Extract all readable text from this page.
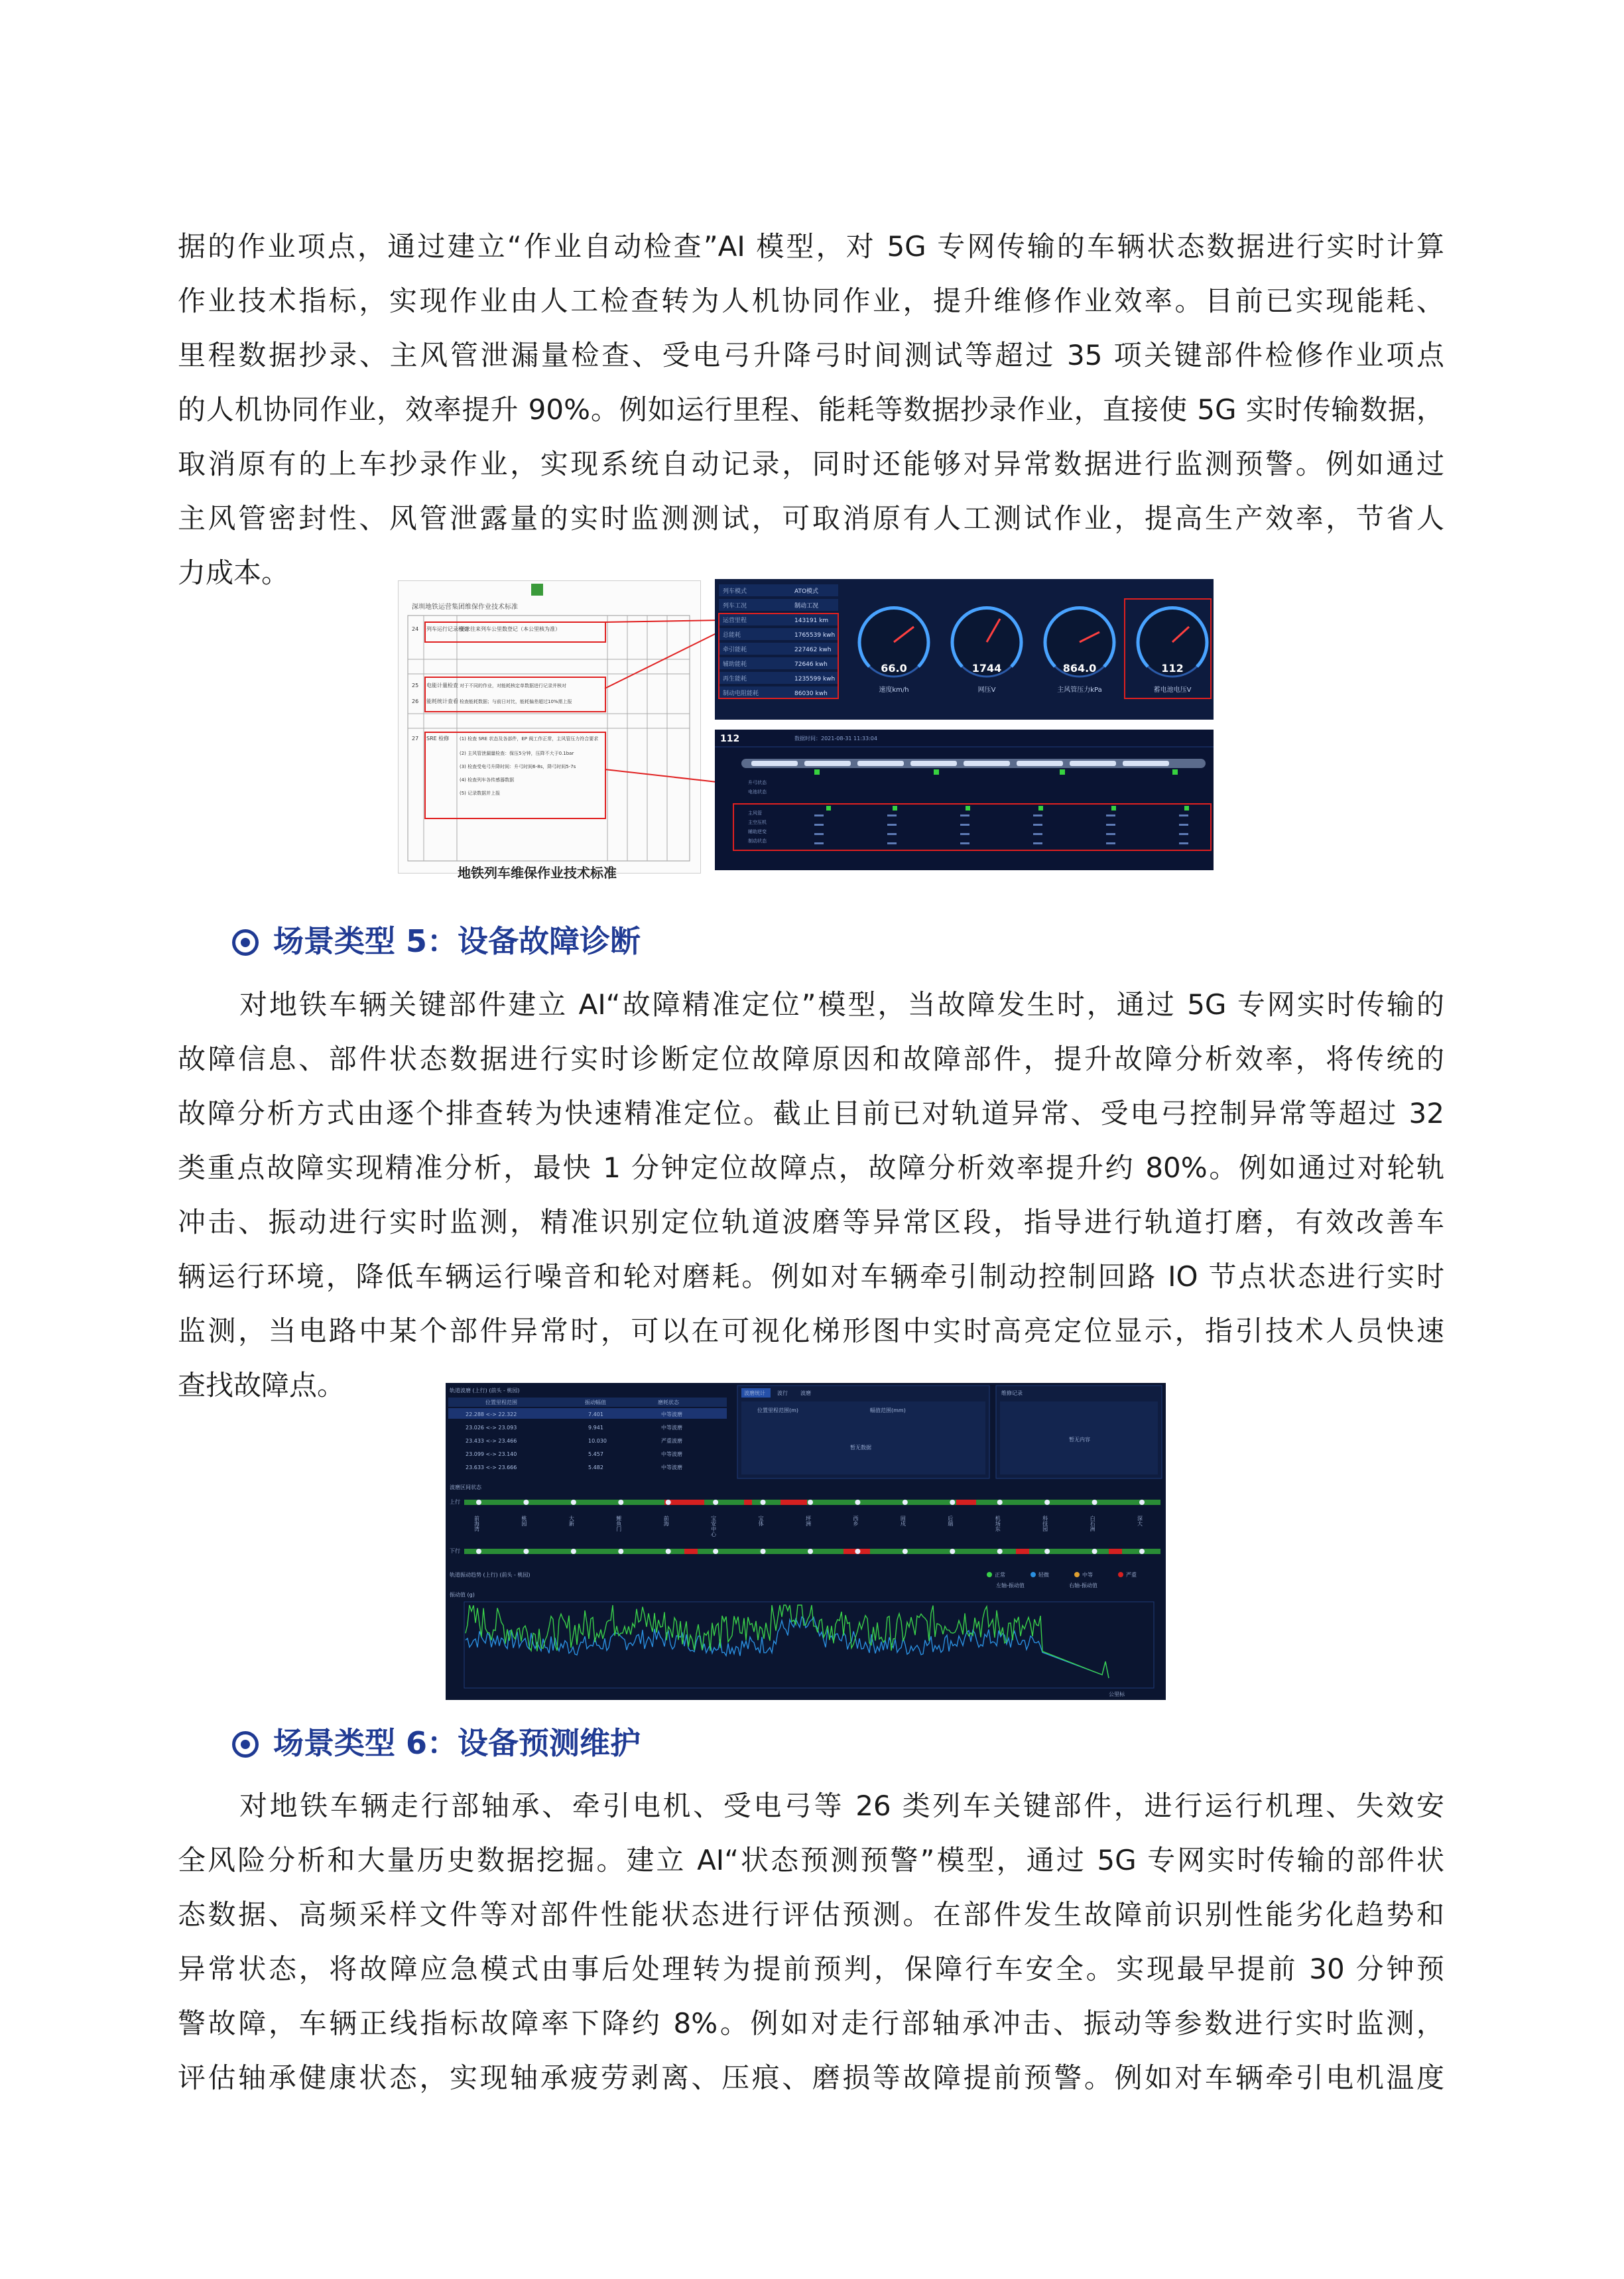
据的作业项点，通过建立“作业自动检查”AI 模型，对 5G 专网传输的车辆状态数据进行实时计算
作业技术指标，实现作业由人工检查转为人机协同作业，提升维修作业效率。目前已实现能耗、
里程数据抄录、主风管泄漏量检查、受电弓升降弓时间测试等超过 35 项关键部件检修作业项点
的人机协同作业，效率提升 90%。例如运行里程、能耗等数据抄录作业，直接使 5G 实时传输数据，
取消原有的上车抄录作业，实现系统自动记录，同时还能够对异常数据进行监测预警。例如通过
主风管密封性、风管泄露量的实时监测测试，可取消原有人工测试作业，提高生产效率，节省人
力成本。
深圳地铁运营集团维保作业技术标准
24 列车运行记录检查
要求往来列车公里数登记（本公里核为准）
25 电能计量检查 对于不同的作业，对能耗核定单数据进行记录并核对
26 能耗统计查看 检查能耗数据；与前日对比，能耗偏差超过10%需上报
27 SRE 检修 (1) 检查 SRE 状态及各部件，EP 阀工作正常，主风管压力符合要求
(2) 主风管泄漏量检查：保压5分钟，压降不大于0.1bar
(3) 检查受电弓升降时间：升弓时间6-8s，降弓时间5-7s
(4) 检查列车各传感器数据
(5) 记录数据并上报
地铁列车维保作业技术标准
列车模式	ATO模式
列车工况	制动工况
运营里程	143191 km
总能耗	1765539 kwh
牵引能耗	227462 kwh
辅助能耗	72646 kwh
再生能耗	1235599 kwh
制动电阻能耗	86030 kwh
66.0
速度km/h
1744
网压V
864.0
主风管压力kPa
112
蓄电池电压V
112	数据时间：2021-08-31 11:33:04
升弓状态
电池状态
主风管
主空压机
辅助逆变
制动状态
场景类型 5：设备故障诊断
对地铁车辆关键部件建立 AI“故障精准定位”模型，当故障发生时，通过 5G 专网实时传输的
故障信息、部件状态数据进行实时诊断定位故障原因和故障部件，提升故障分析效率，将传统的
故障分析方式由逐个排查转为快速精准定位。截止目前已对轨道异常、受电弓控制异常等超过 32
类重点故障实现精准分析，最快 1 分钟定位故障点，故障分析效率提升约 80%。例如通过对轮轨
冲击、振动进行实时监测，精准识别定位轨道波磨等异常区段，指导进行轨道打磨，有效改善车
辆运行环境，降低车辆运行噪音和轮对磨耗。例如对车辆牵引制动控制回路 IO 节点状态进行实时
监测，当电路中某个部件异常时，可以在可视化梯形图中实时高亮定位显示，指引技术人员快速
查找故障点。	轨道波磨 (上行) (前头 - 桃园)
位置里程范围	振动幅值	磨耗状态
22.288 <-> 22.322	7.401	中等波磨
23.026 <-> 23.093	9.941	中等波磨
23.433 <-> 23.466	10.030	严重波磨
23.099 <-> 23.140	5.457	中等波磨
23.633 <-> 23.666	5.482	中等波磨
波磨统计 波行 波磨
位置里程范围(m)	幅值范围(mm)
暂无数据
维修记录
暂无内容
波磨区间状态
上行
下行
前海湾	桃园	大新	鲤鱼门	前海	宝安中心	宝体	坪洲	西乡	固戍	后瑞	机场东	科技园	白石洲	深大
轨道振动趋势 (上行) (前头 - 桃园)	正常	轻微	中等	严重
左轴-振动值	右轴-振动值
振动值 (g)
公里标
场景类型 6：设备预测维护
对地铁车辆走行部轴承、牵引电机、受电弓等 26 类列车关键部件，进行运行机理、失效安
全风险分析和大量历史数据挖掘。建立 AI“状态预测预警”模型，通过 5G 专网实时传输的部件状
态数据、高频采样文件等对部件性能状态进行评估预测。在部件发生故障前识别性能劣化趋势和
异常状态，将故障应急模式由事后处理转为提前预判，保障行车安全。实现最早提前 30 分钟预
警故障，车辆正线指标故障率下降约 8%。例如对走行部轴承冲击、振动等参数进行实时监测，
评估轴承健康状态，实现轴承疲劳剥离、压痕、磨损等故障提前预警。例如对车辆牵引电机温度
